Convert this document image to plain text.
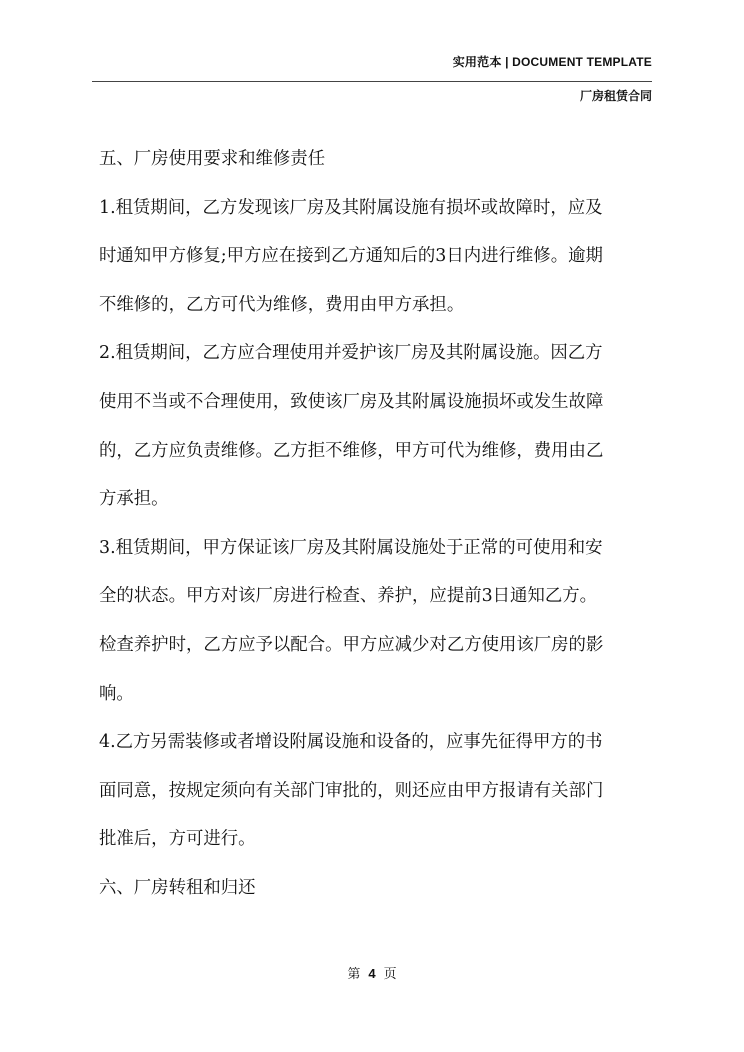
实用范本 | DOCUMENT TEMPLATE
厂房租赁合同
五、厂房使用要求和维修责任
1.租赁期间，乙方发现该厂房及其附属设施有损坏或故障时，应及
时通知甲方修复;甲方应在接到乙方通知后的3日内进行维修。逾期
不维修的，乙方可代为维修，费用由甲方承担。
2.租赁期间，乙方应合理使用并爱护该厂房及其附属设施。因乙方
使用不当或不合理使用，致使该厂房及其附属设施损坏或发生故障
的，乙方应负责维修。乙方拒不维修，甲方可代为维修，费用由乙
方承担。
3.租赁期间，甲方保证该厂房及其附属设施处于正常的可使用和安
全的状态。甲方对该厂房进行检查、养护，应提前3日通知乙方。
检查养护时，乙方应予以配合。甲方应减少对乙方使用该厂房的影
响。
4.乙方另需装修或者增设附属设施和设备的，应事先征得甲方的书
面同意，按规定须向有关部门审批的，则还应由甲方报请有关部门
批准后，方可进行。
六、厂房转租和归还
第 4 页
